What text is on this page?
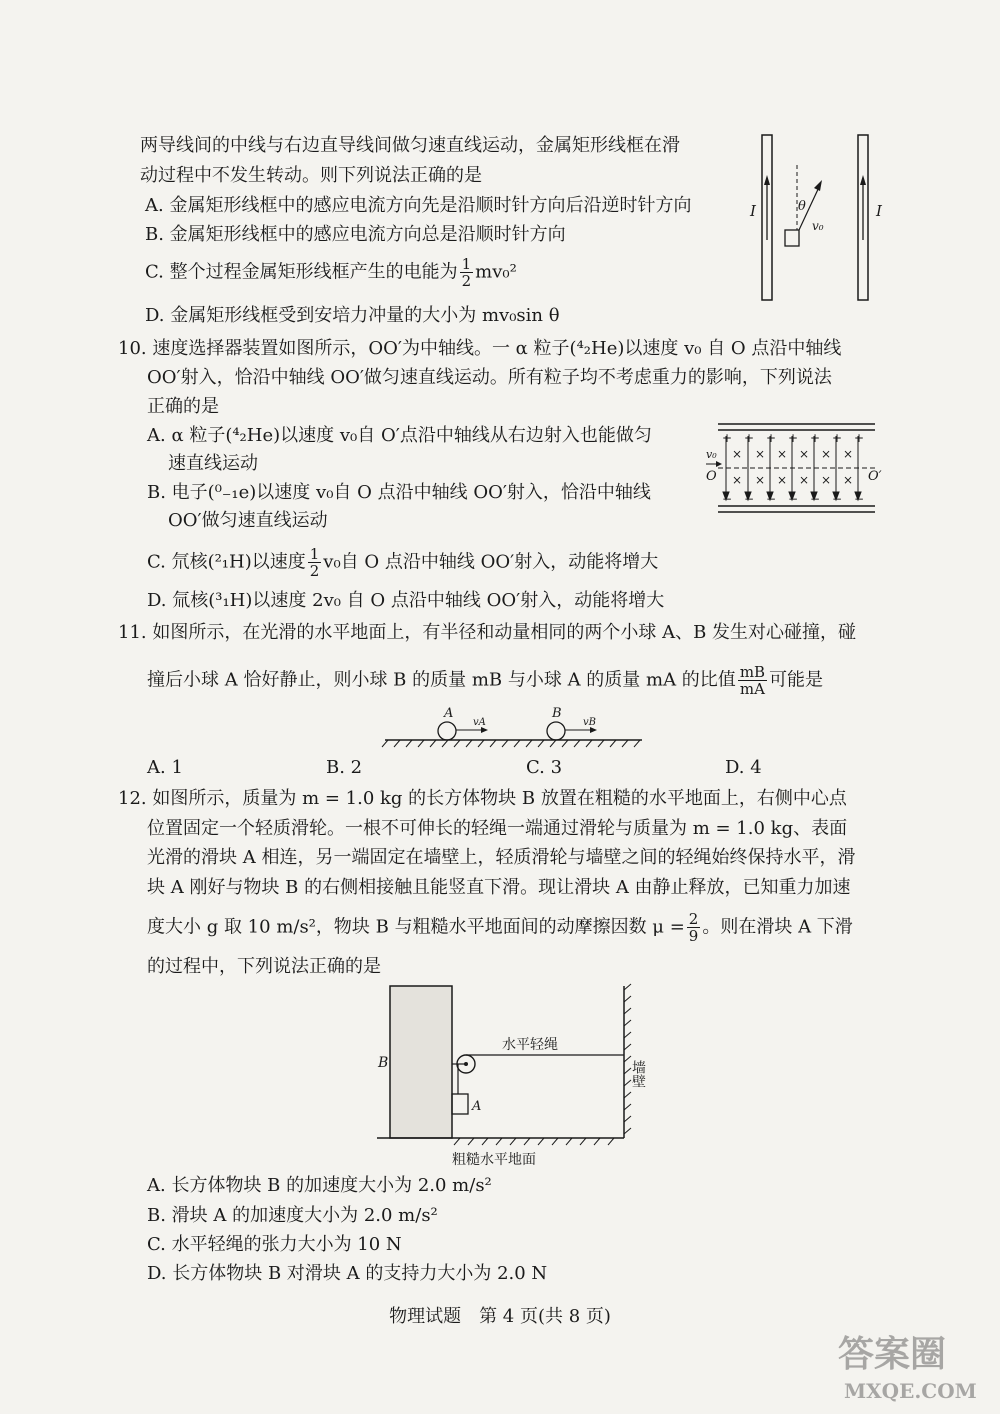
两导线间的中线与右边直导线间做匀速直线运动，金属矩形线框在滑
动过程中不发生转动。则下列说法正确的是
A. 金属矩形线框中的感应电流方向先是沿顺时针方向后沿逆时针方向
B. 金属矩形线框中的感应电流方向总是沿顺时针方向
C. 整个过程金属矩形线框产生的电能为 $\frac{1}{2} mv_0^2$
D. 金属矩形线框受到安培力冲量的大小为 mv₀sin θ
I	I
θ
v₀
10. 速度选择器装置如图所示，OO′为中轴线。一 α 粒子(⁴₂He)以速度 v₀ 自 O 点沿中轴线
OO′射入，恰沿中轴线 OO′做匀速直线运动。所有粒子均不考虑重力的影响，下列说法
正确的是
A. α 粒子(⁴₂He)以速度 v₀自 O′点沿中轴线从右边射入也能做匀
速直线运动
B. 电子(⁰₋₁e)以速度 v₀自 O 点沿中轴线 OO′射入，恰沿中轴线
OO′做匀速直线运动
C. 氘核(²₁H)以速度 $\frac{1}{2} v_0$自 O 点沿中轴线 OO′射入，动能将增大
D. 氚核(³₁H)以速度 2v₀ 自 O 点沿中轴线 OO′射入，动能将增大
+ + + + + + +
× × × × × ×
× × × × × ×
− − − − − − −
v₀
O	O′
11. 如图所示，在光滑的水平地面上，有半径和动量相同的两个小球 A、B 发生对心碰撞，碰
撞后小球 A 恰好静止，则小球 B 的质量 mB 与小球 A 的质量 mA 的比值 $\frac{mB}{mA}$ 可能是
A
vA
B
vB
A. 1	B. 2	C. 3	D. 4
12. 如图所示，质量为 m = 1.0 kg 的长方体物块 B 放置在粗糙的水平地面上，右侧中心点
位置固定一个轻质滑轮。一根不可伸长的轻绳一端通过滑轮与质量为 m = 1.0 kg、表面
光滑的滑块 A 相连，另一端固定在墙壁上，轻质滑轮与墙壁之间的轻绳始终保持水平，滑
块 A 刚好与物块 B 的右侧相接触且能竖直下滑。现让滑块 A 由静止释放，已知重力加速
度大小 g 取 10 m/s²，物块 B 与粗糙水平地面间的动摩擦因数 $\mu = \frac{2}{9}$ 。则在滑块 A 下滑
的过程中，下列说法正确的是
B
A
水平轻绳
墙壁
粗糙水平地面
A. 长方体物块 B 的加速度大小为 2.0 m/s²
B. 滑块 A 的加速度大小为 2.0 m/s²
C. 水平轻绳的张力大小为 10 N
D. 长方体物块 B 对滑块 A 的支持力大小为 2.0 N
物理试题　第 4 页(共 8 页)
答案圈
MXQE.COM
